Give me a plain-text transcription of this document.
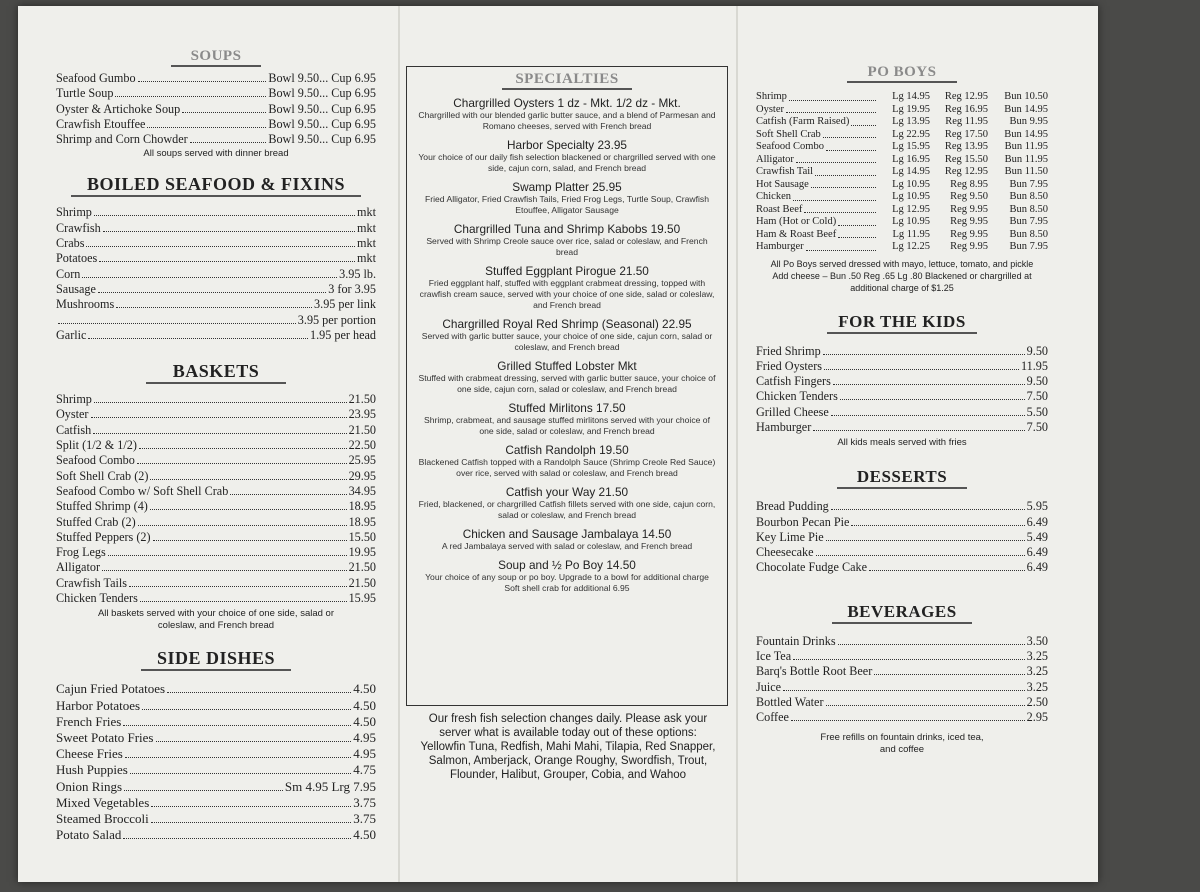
SOUPS
Seafood Gumbo	Bowl 9.50... Cup 6.95
Turtle Soup	Bowl 9.50... Cup 6.95
Oyster & Artichoke Soup	Bowl 9.50... Cup 6.95
Crawfish Etouffee	Bowl 9.50... Cup 6.95
Shrimp and Corn Chowder	Bowl 9.50... Cup 6.95
All soups served with dinner bread
BOILED SEAFOOD & FIXINS
Shrimp	mkt
Crawfish	mkt
Crabs	mkt
Potatoes	mkt
Corn	3.95 lb.
Sausage	3 for 3.95
Mushrooms	3.95 per link
3.95 per portion
Garlic	1.95 per head
BASKETS
Shrimp	21.50
Oyster	23.95
Catfish	21.50
Split (1/2 & 1/2)	22.50
Seafood Combo	25.95
Soft Shell Crab (2)	29.95
Seafood Combo w/ Soft Shell Crab	34.95
Stuffed Shrimp (4)	18.95
Stuffed Crab (2)	18.95
Stuffed Peppers (2)	15.50
Frog Legs	19.95
Alligator	21.50
Crawfish Tails	21.50
Chicken Tenders	15.95
All baskets served with your choice of one side, salad or coleslaw, and French bread
SIDE DISHES
Cajun Fried Potatoes	4.50
Harbor Potatoes	4.50
French Fries	4.50
Sweet Potato Fries	4.95
Cheese Fries	4.95
Hush Puppies	4.75
Onion Rings	Sm 4.95 Lrg 7.95
Mixed Vegetables	3.75
Steamed Broccoli	3.75
Potato Salad	4.50
SPECIALTIES
Chargrilled Oysters 1 dz - Mkt. 1/2 dz - Mkt.
Chargrilled with our blended garlic butter sauce, and a blend of Parmesan and Romano cheeses, served with French bread
Harbor Specialty 23.95
Your choice of our daily fish selection blackened or chargrilled served with one side, cajun corn, salad, and French bread
Swamp Platter 25.95
Fried Alligator, Fried Crawfish Tails, Fried Frog Legs, Turtle Soup, Crawfish Etouffee, Alligator Sausage
Chargrilled Tuna and Shrimp Kabobs 19.50
Served with Shrimp Creole sauce over rice, salad or coleslaw, and French bread
Stuffed Eggplant Pirogue 21.50
Fried eggplant half, stuffed with eggplant crabmeat dressing, topped with crawfish cream sauce, served with your choice of one side, salad or coleslaw, and French bread
Chargrilled Royal Red Shrimp (Seasonal) 22.95
Served with garlic butter sauce, your choice of one side, cajun corn, salad or coleslaw, and French bread
Grilled Stuffed Lobster Mkt
Stuffed with crabmeat dressing, served with garlic butter sauce, your choice of one side, cajun corn, salad or coleslaw, and French bread
Stuffed Mirlitons 17.50
Shrimp, crabmeat, and sausage stuffed mirlitons served with your choice of one side, salad or coleslaw, and French bread
Catfish Randolph 19.50
Blackened Catfish topped with a Randolph Sauce (Shrimp Creole Red Sauce) over rice, served with salad or coleslaw, and French bread
Catfish your Way 21.50
Fried, blackened, or chargrilled Catfish fillets served with one side, cajun corn, salad or coleslaw, and French bread
Chicken and Sausage Jambalaya 14.50
A red Jambalaya served with salad or coleslaw, and French bread
Soup and ½ Po Boy 14.50
Your choice of any soup or po boy. Upgrade to a bowl for additional charge Soft shell crab for additional 6.95
Our fresh fish selection changes daily. Please ask your server what is available today out of these options: Yellowfin Tuna, Redfish, Mahi Mahi, Tilapia, Red Snapper, Salmon, Amberjack, Orange Roughy, Swordfish, Trout, Flounder, Halibut, Grouper, Cobia, and Wahoo
PO BOYS
Shrimp	Lg 14.95	Reg 12.95	Bun 10.50
Oyster	Lg 19.95	Reg 16.95	Bun 14.95
Catfish (Farm Raised)	Lg 13.95	Reg 11.95	Bun 9.95
Soft Shell Crab	Lg 22.95	Reg 17.50	Bun 14.95
Seafood Combo	Lg 15.95	Reg 13.95	Bun 11.95
Alligator	Lg 16.95	Reg 15.50	Bun 11.95
Crawfish Tail	Lg 14.95	Reg 12.95	Bun 11.50
Hot Sausage	Lg 10.95	Reg 8.95	Bun 7.95
Chicken	Lg 10.95	Reg 9.50	Bun 8.50
Roast Beef	Lg 12.95	Reg 9.95	Bun 8.50
Ham (Hot or Cold)	Lg 10.95	Reg 9.95	Bun 7.95
Ham & Roast Beef	Lg 11.95	Reg 9.95	Bun 8.50
Hamburger	Lg 12.25	Reg 9.95	Bun 7.95
All Po Boys served dressed with mayo, lettuce, tomato, and pickle Add cheese – Bun .50 Reg .65 Lg .80 Blackened or chargrilled at additional charge of $1.25
FOR THE KIDS
Fried Shrimp	9.50
Fried Oysters	11.95
Catfish Fingers	9.50
Chicken Tenders	7.50
Grilled Cheese	5.50
Hamburger	7.50
All kids meals served with fries
DESSERTS
Bread Pudding	5.95
Bourbon Pecan Pie	6.49
Key Lime Pie	5.49
Cheesecake	6.49
Chocolate Fudge Cake	6.49
BEVERAGES
Fountain Drinks	3.50
Ice Tea	3.25
Barq's Bottle Root Beer	3.25
Juice	3.25
Bottled Water	2.50
Coffee	2.95
Free refills on fountain drinks, iced tea, and coffee
